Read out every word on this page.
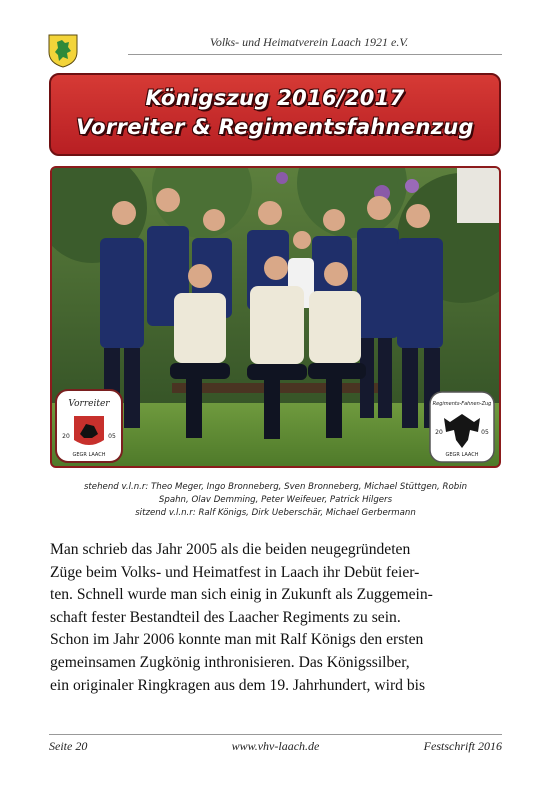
Volks- und Heimatverein Laach 1921 e.V.
Königszug 2016/2017
Vorreiter & Regimentsfahnenzug
Vorreiter
20	05
GEGR LAACH
Regiments-Fahnen-Zug
20	05
GEGR LAACH
stehend v.l.n.r: Theo Meger, Ingo Bronneberg, Sven Bronneberg, Michael Stüttgen, Robin
Spahn, Olav Demming, Peter Weifeuer, Patrick Hilgers
sitzend v.l.n.r: Ralf Königs, Dirk Ueberschär, Michael Gerbermann
Man schrieb das Jahr 2005 als die beiden neugegründeten
Züge beim Volks- und Heimatfest in Laach ihr Debüt feier-
ten. Schnell wurde man sich einig in Zukunft als Zuggemein-
schaft fester Bestandteil des Laacher Regiments zu sein.
Schon im Jahr 2006 konnte man mit Ralf Königs den ersten
gemeinsamen Zugkönig inthronisieren. Das Königssilber,
ein originaler Ringkragen aus dem 19. Jahrhundert, wird bis
Seite 20	www.vhv-laach.de	Festschrift 2016
